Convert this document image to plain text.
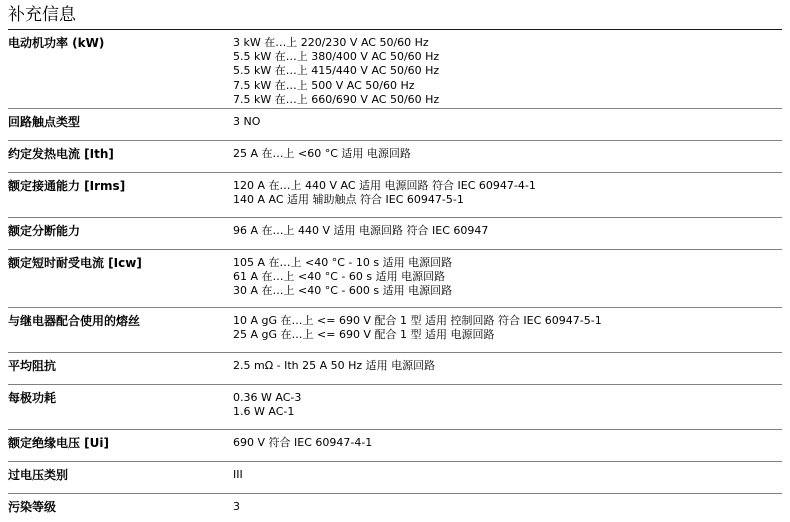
补充信息
电动机功率 (kW)	3 kW 在…上 220/230 V AC 50/60 Hz
5.5 kW 在…上 380/400 V AC 50/60 Hz
5.5 kW 在…上 415/440 V AC 50/60 Hz
7.5 kW 在…上 500 V AC 50/60 Hz
7.5 kW 在…上 660/690 V AC 50/60 Hz
回路触点类型	3 NO
约定发热电流 [Ith]	25 A 在…上 <60 °C 适用 电源回路
额定接通能力 [Irms]	120 A 在…上 440 V AC 适用 电源回路 符合 IEC 60947-4-1
140 A AC 适用 辅助触点 符合 IEC 60947-5-1
额定分断能力	96 A 在…上 440 V 适用 电源回路 符合 IEC 60947
额定短时耐受电流 [Icw]	105 A 在…上 <40 °C - 10 s 适用 电源回路
61 A 在…上 <40 °C - 60 s 适用 电源回路
30 A 在…上 <40 °C - 600 s 适用 电源回路
与继电器配合使用的熔丝	10 A gG 在…上 <= 690 V 配合 1 型 适用 控制回路 符合 IEC 60947-5-1
25 A gG 在…上 <= 690 V 配合 1 型 适用 电源回路
平均阻抗	2.5 mΩ - Ith 25 A 50 Hz 适用 电源回路
每极功耗	0.36 W AC-3
1.6 W AC-1
额定绝缘电压 [Ui]	690 V 符合 IEC 60947-4-1
过电压类别	III
污染等级	3
